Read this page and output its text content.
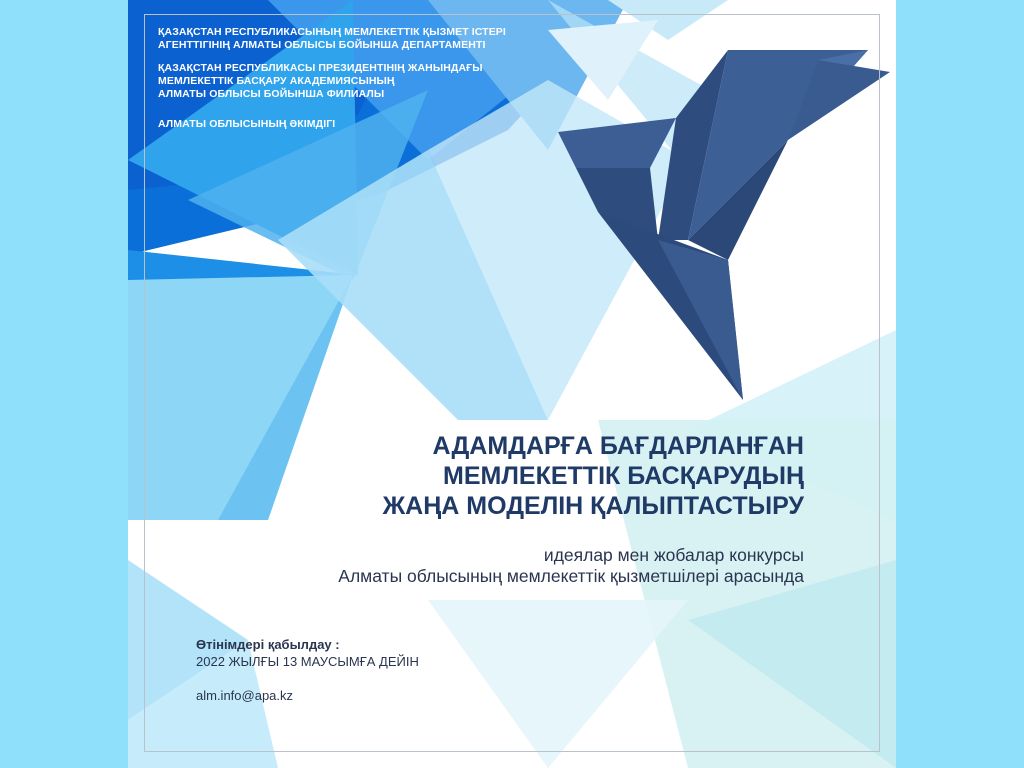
ҚАЗАҚСТАН РЕСПУБЛИКАСЫНЫҢ МЕМЛЕКЕТТІК ҚЫЗМЕТ ІСТЕРІ
АГЕНТТІГІНІҢ АЛМАТЫ ОБЛЫСЫ БОЙЫНША ДЕПАРТАМЕНТІ
ҚАЗАҚСТАН РЕСПУБЛИКАСЫ ПРЕЗИДЕНТІНІҢ ЖАНЫНДАҒЫ
МЕМЛЕКЕТТІК БАСҚАРУ АКАДЕМИЯСЫНЫҢ
АЛМАТЫ ОБЛЫСЫ БОЙЫНША ФИЛИАЛЫ
АЛМАТЫ ОБЛЫСЫНЫҢ ӘКІМДІГІ
АДАМДАРҒА БАҒДАРЛАНҒАН
МЕМЛЕКЕТТІК БАСҚАРУДЫҢ
ЖАҢА МОДЕЛІН ҚАЛЫПТАСТЫРУ
идеялар мен жобалар конкурсы
Алматы облысының мемлекеттік қызметшілері арасында
Өтінімдері қабылдау :
2022 ЖЫЛҒЫ 13 МАУСЫМҒА ДЕЙІН
alm.info@apa.kz
